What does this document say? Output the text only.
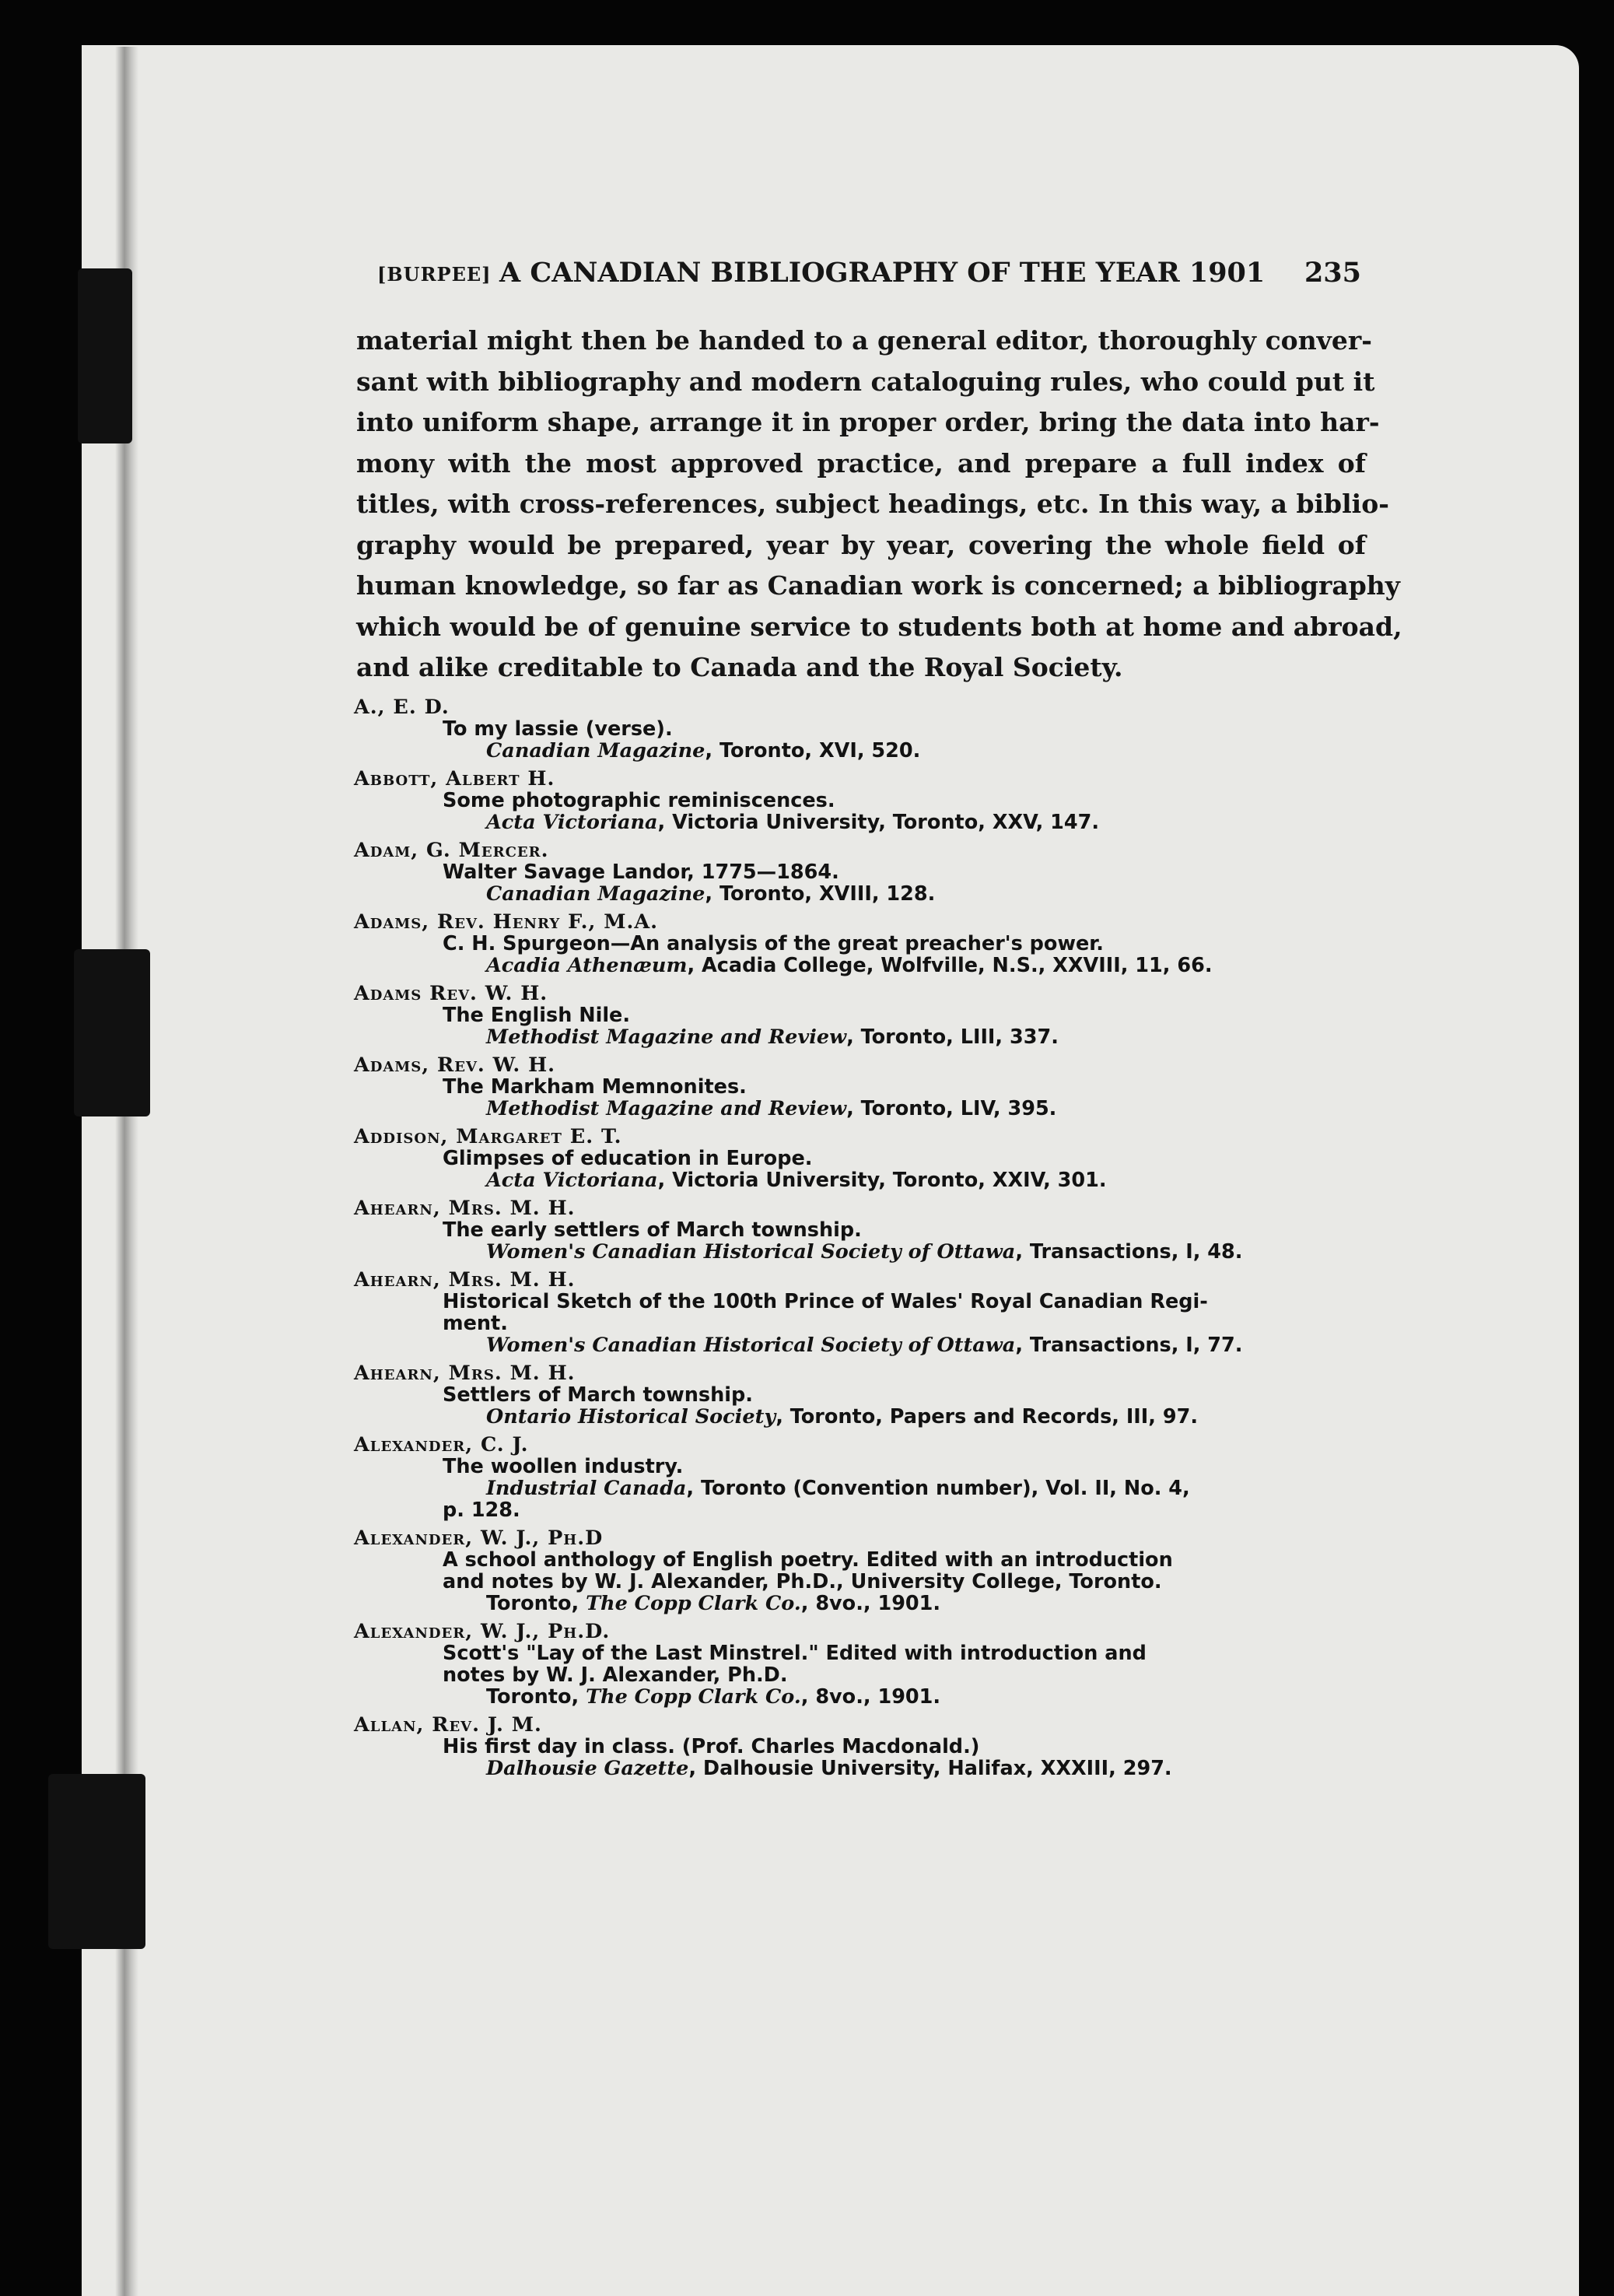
[BURPEE] A CANADIAN BIBLIOGRAPHY OF THE YEAR 1901 235
material might then be handed to a general editor, thoroughly conver-
sant with bibliography and modern cataloguing rules, who could put it
into uniform shape, arrange it in proper order, bring the data into har-
mony with the most approved practice, and prepare a full index of
titles, with cross-references, subject headings, etc. In this way, a biblio-
graphy would be prepared, year by year, covering the whole field of
human knowledge, so far as Canadian work is concerned; a bibliography
which would be of genuine service to students both at home and abroad,
and alike creditable to Canada and the Royal Society.
A., E. D.
To my lassie (verse).
Canadian Magazine, Toronto, XVI, 520.
Abbott, Albert H.
Some photographic reminiscences.
Acta Victoriana, Victoria University, Toronto, XXV, 147.
Adam, G. Mercer.
Walter Savage Landor, 1775—1864.
Canadian Magazine, Toronto, XVIII, 128.
Adams, Rev. Henry F., M.A.
C. H. Spurgeon—An analysis of the great preacher's power.
Acadia Athenæum, Acadia College, Wolfville, N.S., XXVIII, 11, 66.
Adams Rev. W. H.
The English Nile.
Methodist Magazine and Review, Toronto, LIII, 337.
Adams, Rev. W. H.
The Markham Memnonites.
Methodist Magazine and Review, Toronto, LIV, 395.
Addison, Margaret E. T.
Glimpses of education in Europe.
Acta Victoriana, Victoria University, Toronto, XXIV, 301.
Ahearn, Mrs. M. H.
The early settlers of March township.
Women's Canadian Historical Society of Ottawa, Transactions, I, 48.
Ahearn, Mrs. M. H.
Historical Sketch of the 100th Prince of Wales' Royal Canadian Regi-
ment.
Women's Canadian Historical Society of Ottawa, Transactions, I, 77.
Ahearn, Mrs. M. H.
Settlers of March township.
Ontario Historical Society, Toronto, Papers and Records, III, 97.
Alexander, C. J.
The woollen industry.
Industrial Canada, Toronto (Convention number), Vol. II, No. 4,
p. 128.
Alexander, W. J., Ph.D
A school anthology of English poetry. Edited with an introduction
and notes by W. J. Alexander, Ph.D., University College, Toronto.
Toronto, The Copp Clark Co., 8vo., 1901.
Alexander, W. J., Ph.D.
Scott's "Lay of the Last Minstrel." Edited with introduction and
notes by W. J. Alexander, Ph.D.
Toronto, The Copp Clark Co., 8vo., 1901.
Allan, Rev. J. M.
His first day in class. (Prof. Charles Macdonald.)
Dalhousie Gazette, Dalhousie University, Halifax, XXXIII, 297.
